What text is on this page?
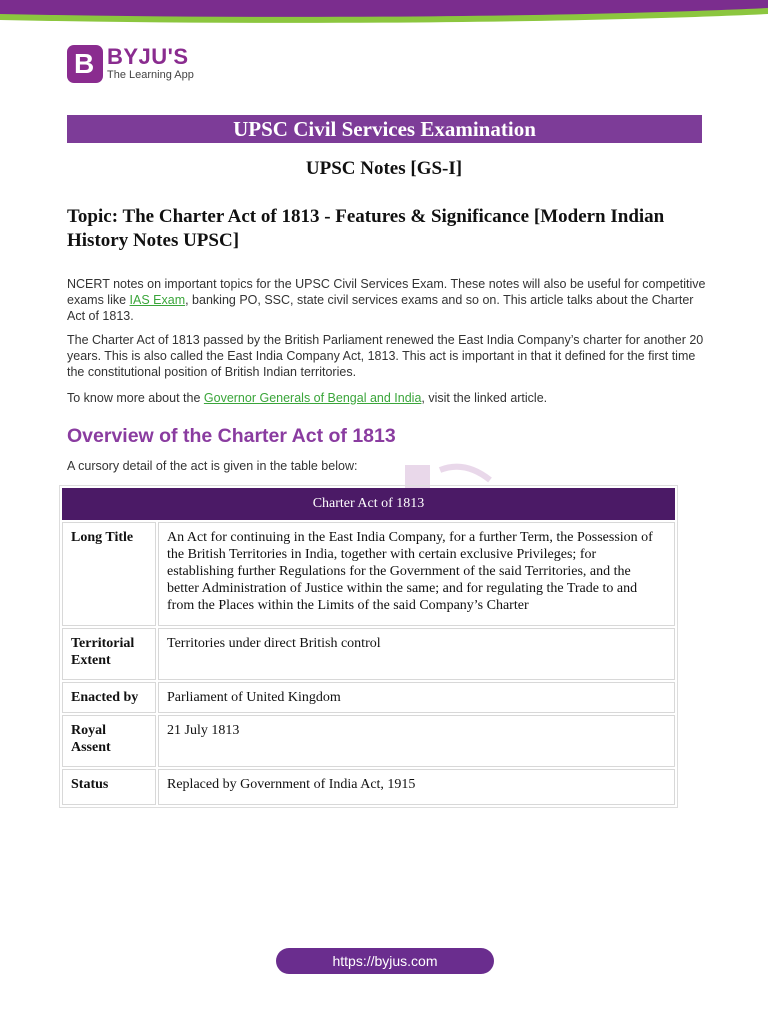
B BYJU'S
The Learning App
UPSC Civil Services Examination
UPSC Notes [GS-I]
Topic: The Charter Act of 1813 - Features & Significance [Modern Indian History Notes UPSC]
NCERT notes on important topics for the UPSC Civil Services Exam. These notes will also be useful for competitive exams like IAS Exam, banking PO, SSC, state civil services exams and so on. This article talks about the Charter Act of 1813.
The Charter Act of 1813 passed by the British Parliament renewed the East India Company’s charter for another 20 years. This is also called the East India Company Act, 1813. This act is important in that it defined for the first time the constitutional position of British Indian territories.
To know more about the Governor Generals of Bengal and India, visit the linked article.
Overview of the Charter Act of 1813
A cursory detail of the act is given in the table below:
Charter Act of 1813	
Long Title	An Act for continuing in the East India Company, for a further Term, the Possession of the British Territories in India, together with certain exclusive Privileges; for establishing further Regulations for the Government of the said Territories, and the better Administration of Justice within the same; and for regulating the Trade to and from the Places within the Limits of the said Company’s Charter
Territorial Extent	Territories under direct British control
Enacted by	Parliament of United Kingdom
Royal Assent	21 July 1813
Status	Replaced by Government of India Act, 1915
https://byjus.com
